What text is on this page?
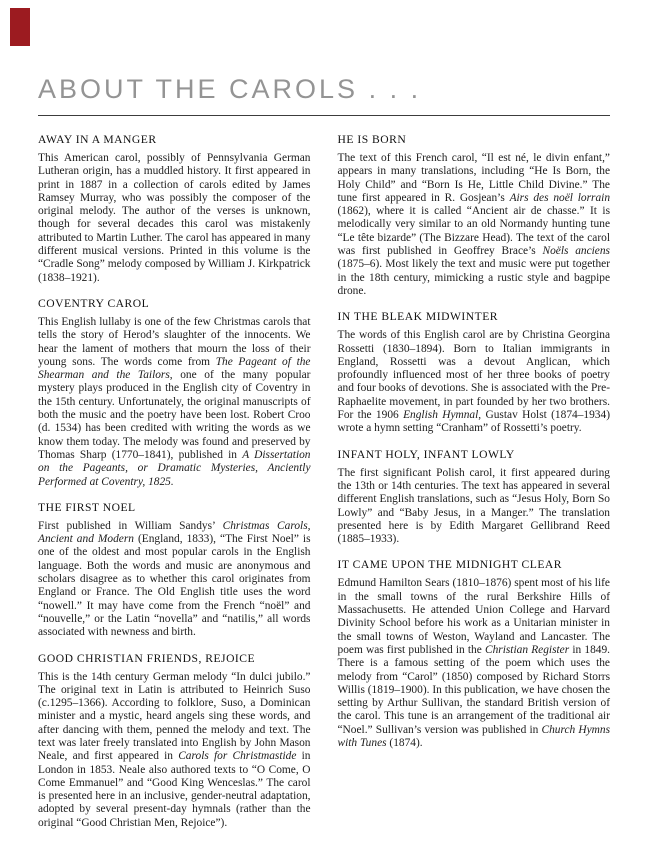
ABOUT THE CAROLS . . .
AWAY IN A MANGER

This American carol, possibly of Pennsylvania German Lutheran origin, has a muddled history. It first appeared in print in 1887 in a collection of carols edited by James Ramsey Murray, who was possibly the composer of the original melody. The author of the verses is unknown, though for several decades this carol was mistakenly attributed to Martin Luther. The carol has appeared in many different musical versions. Printed in this volume is the “Cradle Song” melody composed by William J. Kirkpatrick (1838–1921).

COVENTRY CAROL

This English lullaby is one of the few Christmas carols that tells the story of Herod’s slaughter of the innocents. We hear the lament of mothers that mourn the loss of their young sons. The words come from The Pageant of the Shearman and the Tailors, one of the many popular mystery plays produced in the English city of Coventry in the 15th century. Unfortunately, the original manuscripts of both the music and the poetry have been lost. Robert Croo (d. 1534) has been credited with writing the words as we know them today. The melody was found and preserved by Thomas Sharp (1770–1841), published in A Dissertation on the Pageants, or Dramatic Mysteries, Anciently Performed at Coventry, 1825.

THE FIRST NOEL

First published in William Sandys’ Christmas Carols, Ancient and Modern (England, 1833), “The First Noel” is one of the oldest and most popular carols in the English language. Both the words and music are anonymous and scholars disagree as to whether this carol originates from England or France. The Old English title uses the word “nowell.” It may have come from the French “noël” and “nouvelle,” or the Latin “novella” and “natilis,” all words associated with newness and birth.

GOOD CHRISTIAN FRIENDS, REJOICE

This is the 14th century German melody “In dulci jubilo.” The original text in Latin is attributed to Heinrich Suso (c.1295–1366). According to folklore, Suso, a Dominican minister and a mystic, heard angels sing these words, and after dancing with them, penned the melody and text. The text was later freely translated into English by John Mason Neale, and first appeared in Carols for Christmastide in London in 1853. Neale also authored texts to “O Come, O Come Emmanuel” and “Good King Wenceslas.” The carol is presented here in an inclusive, gender-neutral adaptation, adopted by several present-day hymnals (rather than the original “Good Christian Men, Rejoice”).

HE IS BORN

The text of this French carol, “Il est né, le divin enfant,” appears in many translations, including “He Is Born, the Holy Child” and “Born Is He, Little Child Divine.” The tune first appeared in R. Gosjean’s Airs des noël lorrain (1862), where it is called “Ancient air de chasse.” It is melodically very similar to an old Normandy hunting tune “Le tête bizarde” (The Bizzare Head). The text of the carol was first published in Geoffrey Brace’s Noëls anciens (1875–6). Most likely the text and music were put together in the 18th century, mimicking a rustic style and bagpipe drone.

IN THE BLEAK MIDWINTER

The words of this English carol are by Christina Georgina Rossetti (1830–1894). Born to Italian immigrants in England, Rossetti was a devout Anglican, which profoundly influenced most of her three books of poetry and four books of devotions. She is associated with the Pre-Raphaelite movement, in part founded by her two brothers. For the 1906 English Hymnal, Gustav Holst (1874–1934) wrote a hymn setting “Cranham” of Rossetti’s poetry.

INFANT HOLY, INFANT LOWLY

The first significant Polish carol, it first appeared during the 13th or 14th centuries. The text has appeared in several different English translations, such as “Jesus Holy, Born So Lowly” and “Baby Jesus, in a Manger.” The translation presented here is by Edith Margaret Gellibrand Reed (1885–1933).

IT CAME UPON THE MIDNIGHT CLEAR

Edmund Hamilton Sears (1810–1876) spent most of his life in the small towns of the rural Berkshire Hills of Massachusetts. He attended Union College and Harvard Divinity School before his work as a Unitarian minister in the small towns of Weston, Wayland and Lancaster. The poem was first published in the Christian Register in 1849. There is a famous setting of the poem which uses the melody from “Carol” (1850) composed by Richard Storrs Willis (1819–1900). In this publication, we have chosen the setting by Arthur Sullivan, the standard British version of the carol. This tune is an arrangement of the traditional air “Noel.” Sullivan’s version was published in Church Hymns with Tunes (1874).
